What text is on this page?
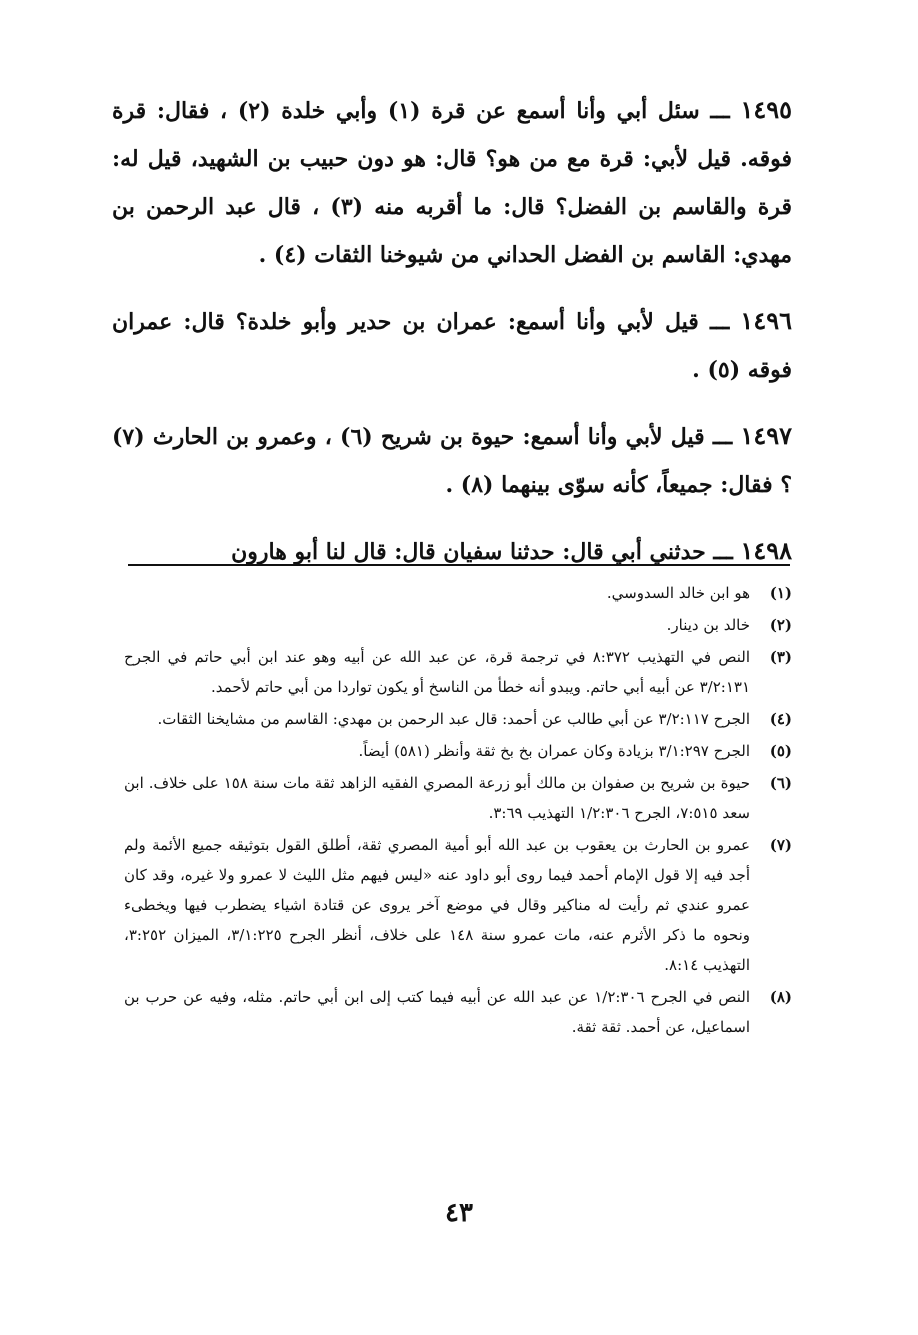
١٤٩٥ ـــ سئل أبي وأنا أسمع عن قرة (١) وأبي خلدة (٢) ، فقال: قرة فوقه. قيل لأبي: قرة مع من هو؟ قال: هو دون حبيب بن الشهيد، قيل له: قرة والقاسم بن الفضل؟ قال: ما أقربه منه (٣) ، قال عبد الرحمن بن مهدي: القاسم بن الفضل الحداني من شيوخنا الثقات (٤) .

١٤٩٦ ـــ قيل لأبي وأنا أسمع: عمران بن حدير وأبو خلدة؟ قال: عمران فوقه (٥) .

١٤٩٧ ـــ قيل لأبي وأنا أسمع: حيوة بن شريح (٦) ، وعمرو بن الحارث (٧) ؟ فقال: جميعاً، كأنه سوّى بينهما (٨) .

١٤٩٨ ـــ حدثني أبي قال: حدثنا سفيان قال: قال لنا أبو هارون

(١)
هو ابن خالد السدوسي.
(٢)
خالد بن دينار.
(٣)
النص في التهذيب ٨:٣٧٢ في ترجمة قرة، عن عبد الله عن أبيه وهو عند ابن أبي حاتم في الجرح ٣/٢:١٣١ عن أبيه أبي حاتم. ويبدو أنه خطأ من الناسخ أو يكون تواردا من أبي حاتم لأحمد.
(٤)
الجرح ٣/٢:١١٧ عن أبي طالب عن أحمد: قال عبد الرحمن بن مهدي: القاسم من مشايخنا الثقات.
(٥)
الجرح ٣/١:٢٩٧ بزيادة وكان عمران بخ بخ ثقة وأنظر (٥٨١) أيضاً.
(٦)
حيوة بن شريح بن صفوان بن مالك أبو زرعة المصري الفقيه الزاهد ثقة مات سنة ١٥٨ على خلاف. ابن سعد ٧:٥١٥، الجرح ١/٢:٣٠٦ التهذيب ٣:٦٩.
(٧)
عمرو بن الحارث بن يعقوب بن عبد الله أبو أمية المصري ثقة، أطلق القول بتوثيقه جميع الأئمة ولم أجد فيه إلا قول الإمام أحمد فيما روى أبو داود عنه «ليس فيهم مثل الليث لا عمرو ولا غيره، وقد كان عمرو عندي ثم رأيت له مناكير وقال في موضع آخر يروى عن قتادة اشياء يضطرب فيها ويخطىء ونحوه ما ذكر الأثرم عنه، مات عمرو سنة ١٤٨ على خلاف، أنظر الجرح ٣/١:٢٢٥، الميزان ٣:٢٥٢، التهذيب ٨:١٤.
(٨)
النص في الجرح ١/٢:٣٠٦ عن عبد الله عن أبيه فيما كتب إلى ابن أبي حاتم. مثله، وفيه عن حرب بن اسماعيل، عن أحمد. ثقة ثقة.
٤٣
